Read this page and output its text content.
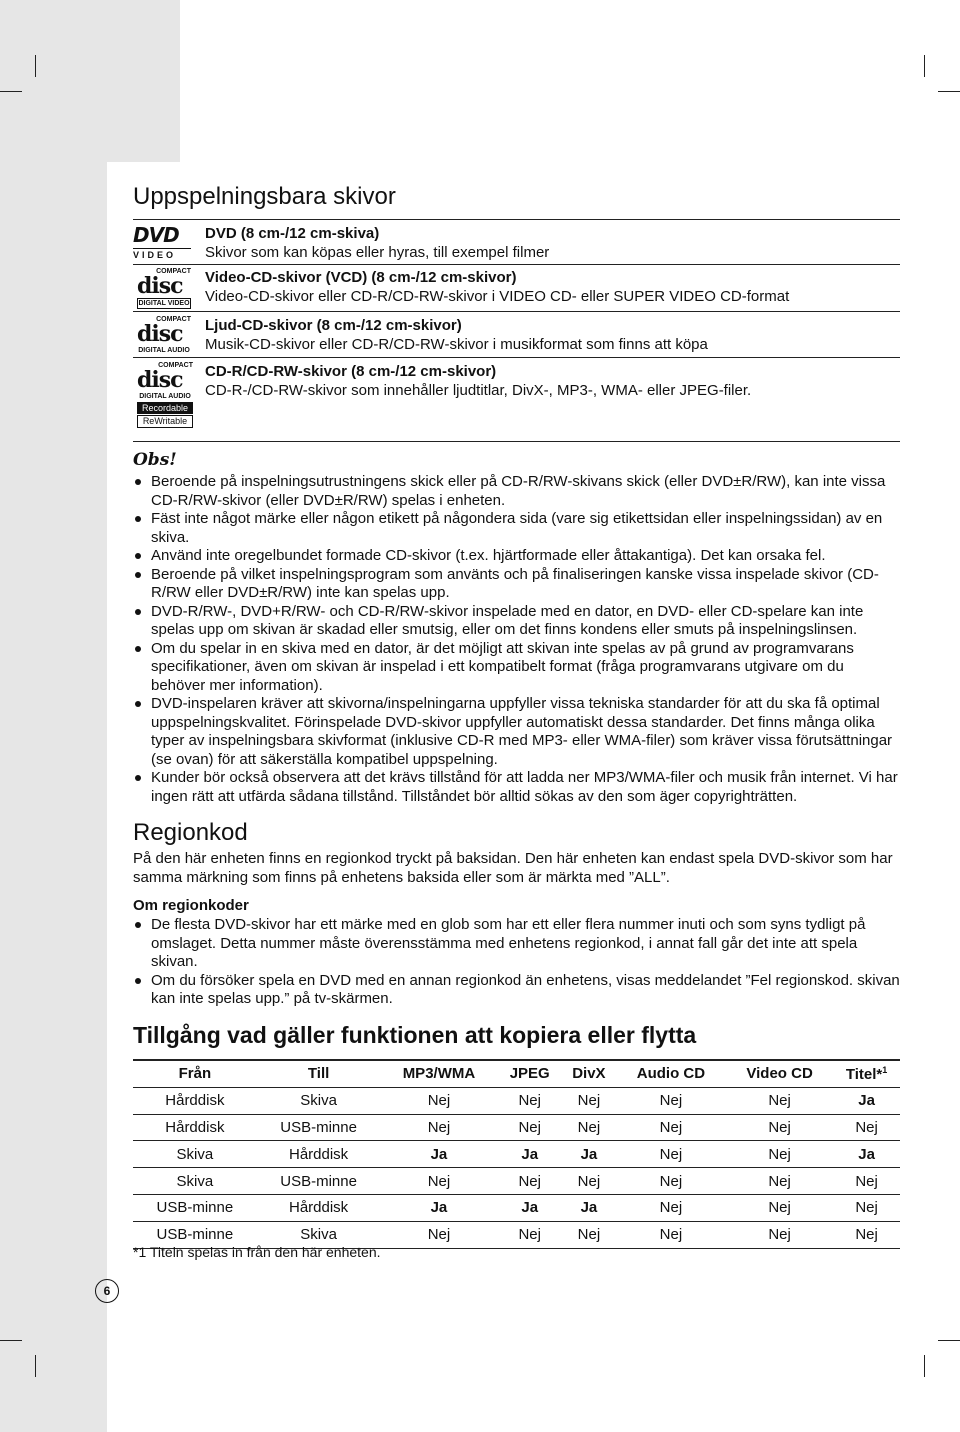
Uppspelningsbara skivor
DVD
VIDEO
DVD (8 cm-/12 cm-skiva)
Skivor som kan köpas eller hyras, till exempel filmer
COMPACT
disc
DIGITAL VIDEO
Video-CD-skivor (VCD) (8 cm-/12 cm-skivor)
Video-CD-skivor eller CD-R/CD-RW-skivor i VIDEO CD- eller SUPER VIDEO CD-format
COMPACT
disc
DIGITAL AUDIO
Ljud-CD-skivor (8 cm-/12 cm-skivor)
Musik-CD-skivor eller CD-R/CD-RW-skivor i musikformat som finns att köpa
COMPACT
disc
DIGITAL AUDIO
Recordable
ReWritable
CD-R/CD-RW-skivor (8 cm-/12 cm-skivor)
CD-R-/CD-RW-skivor som innehåller ljudtitlar, DivX-, MP3-, WMA- eller JPEG-filer.
Obs!
Beroende på inspelningsutrustningens skick eller på CD-R/RW-skivans skick (eller DVD±R/RW), kan inte vissa CD-R/RW-skivor (eller DVD±R/RW) spelas i enheten.
Fäst inte något märke eller någon etikett på någondera sida (vare sig etikettsidan eller inspelningssidan) av en skiva.
Använd inte oregelbundet formade CD-skivor (t.ex. hjärtformade eller åttakantiga). Det kan orsaka fel.
Beroende på vilket inspelningsprogram som använts och på finaliseringen kanske vissa inspelade skivor (CD-R/RW eller DVD±R/RW) inte kan spelas upp.
DVD-R/RW-, DVD+R/RW- och CD-R/RW-skivor inspelade med en dator, en DVD- eller CD-spelare kan inte spelas upp om skivan är skadad eller smutsig, eller om det finns kondens eller smuts på inspelningslinsen.
Om du spelar in en skiva med en dator, är det möjligt att skivan inte spelas av på grund av programvarans specifikationer, även om skivan är inspelad i ett kompatibelt format (fråga programvarans utgivare om du behöver mer information).
DVD-inspelaren kräver att skivorna/inspelningarna uppfyller vissa tekniska standarder för att du ska få optimal uppspelningskvalitet. Förinspelade DVD-skivor uppfyller automatiskt dessa standarder. Det finns många olika typer av inspelningsbara skivformat (inklusive CD-R med MP3- eller WMA-filer) som kräver vissa förutsättningar (se ovan) för att säkerställa kompatibel uppspelning.
Kunder bör också observera att det krävs tillstånd för att ladda ner MP3/WMA-filer och musik från internet. Vi har ingen rätt att utfärda sådana tillstånd. Tillståndet bör alltid sökas av den som äger copyrighträtten.
Regionkod
På den här enheten finns en regionkod tryckt på baksidan. Den här enheten kan endast spela DVD-skivor som har samma märkning som finns på enhetens baksida eller som är märkta med ”ALL”.
Om regionkoder
De flesta DVD-skivor har ett märke med en glob som har ett eller flera nummer inuti och som syns tydligt på omslaget. Detta nummer måste överensstämma med enhetens regionkod, i annat fall går det inte att spela skivan.
Om du försöker spela en DVD med en annan regionkod än enhetens, visas meddelandet ”Fel regionskod. skivan kan inte spelas upp.” på tv-skärmen.
Tillgång vad gäller funktionen att kopiera eller flytta
Från	Till	MP3/WMA	JPEG	DivX	Audio CD	Video CD	Titel*$^1$
Hårddisk	Skiva	Nej	Nej	Nej	Nej	Nej	Ja
Hårddisk	USB-minne	Nej	Nej	Nej	Nej	Nej	Nej
Skiva	Hårddisk	Ja	Ja	Ja	Nej	Nej	Ja
Skiva	USB-minne	Nej	Nej	Nej	Nej	Nej	Nej
USB-minne	Hårddisk	Ja	Ja	Ja	Nej	Nej	Nej
USB-minne	Skiva	Nej	Nej	Nej	Nej	Nej	Nej
*1 Titeln spelas in från den här enheten.
6
